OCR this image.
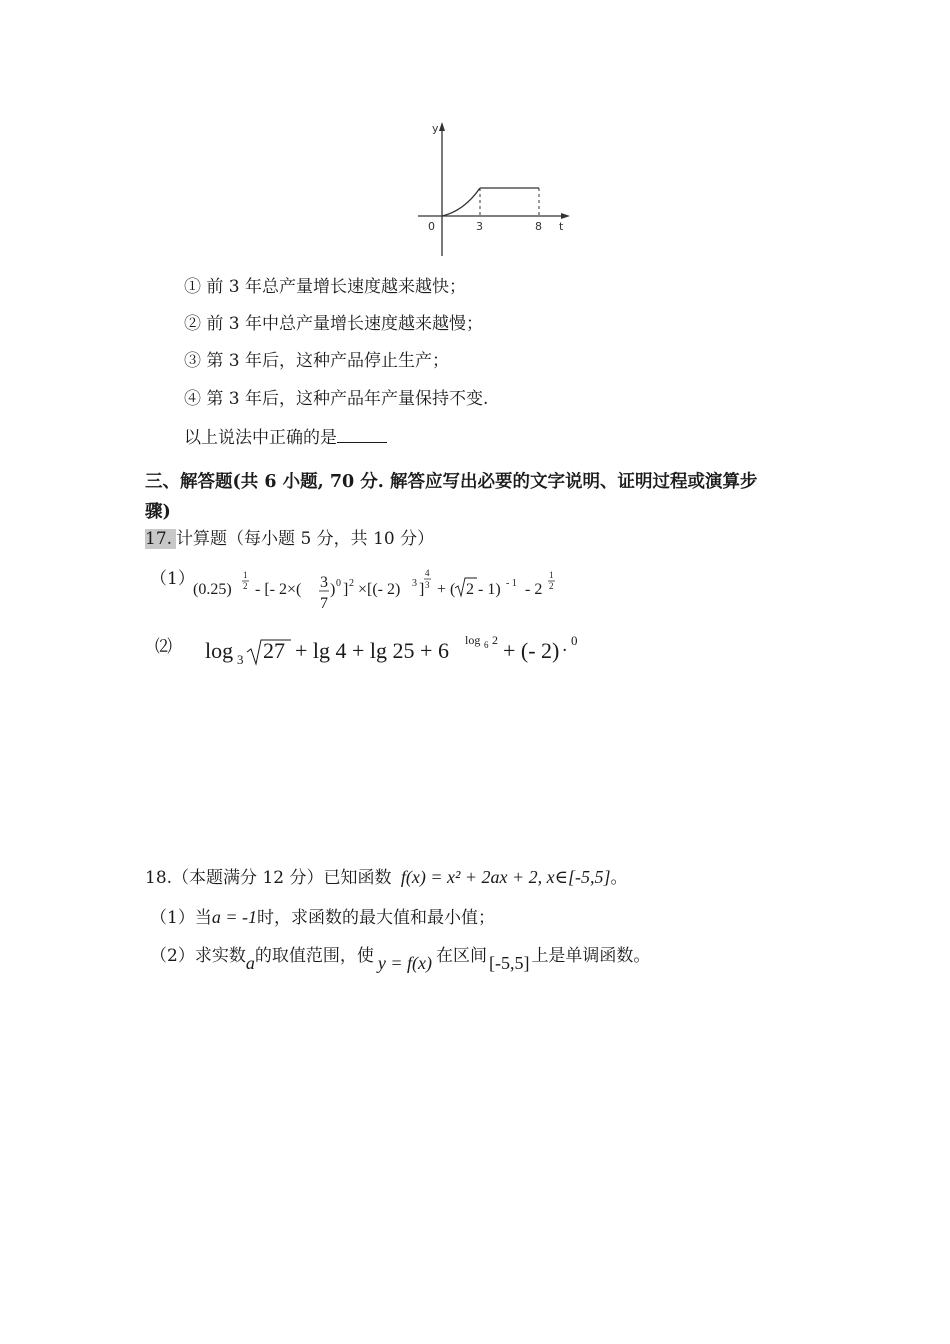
y
0	3	8 t
① 前 3 年总产量增长速度越来越快；
② 前 3 年中总产量增长速度越来越慢；
③ 第 3 年后，这种产品停止生产；
④ 第 3 年后，这种产品年产量保持不变.
以上说法中正确的是
三、解答题(共 6 小题, 70 分. 解答应写出必要的文字说明、证明过程或演算步
骤)
17. 计算题（每小题 5 分，共 10 分）
（1）
(0.25)
1
2 - [- 2×( 3
7
) 0 ] 2 ×[(- 2) 3 ]
4
3 + ( 2 - 1) - 1 - 2
1
2
⑵ log 3 27 + lg 4 + lg 25 + 6 log 6 2 + (- 2) 0
·
18.（本题满分 12 分）已知函数 f(x) = x² + 2ax + 2, x∈[-5,5]。
（1）当a = -1时，求函数的最大值和最小值；
（2）求实数a的取值范围，使 y = f(x) 在区间 [-5,5] 上是单调函数。
